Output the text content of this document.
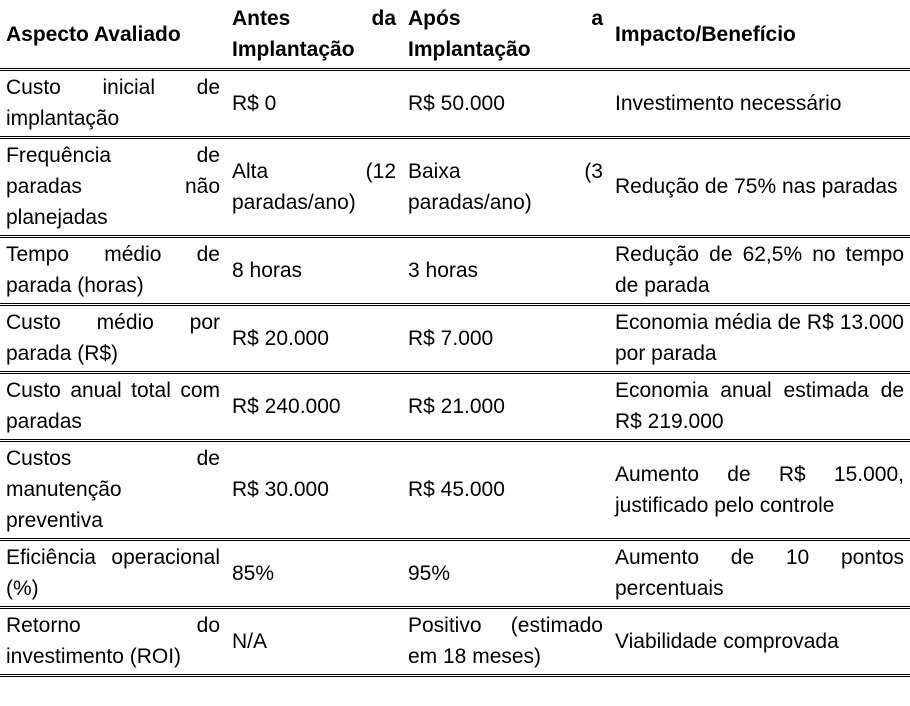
Aspecto Avaliado	Antes da Implantação	Após a Implantação	Impacto/Benefício
Custo inicial de implantação	R$ 0	R$ 50.000	Investimento necessário
Frequência de paradas não planejadas	Alta (12 paradas/ano)	Baixa (3 paradas/ano)	Redução de 75% nas paradas
Tempo médio de parada (horas)	8 horas	3 horas	Redução de 62,5% no tempo de parada
Custo médio por parada (R$)	R$ 20.000	R$ 7.000	Economia média de R$ 13.000 por parada
Custo anual total com paradas	R$ 240.000	R$ 21.000	Economia anual estimada de R$ 219.000
Custos de manutenção preventiva	R$ 30.000	R$ 45.000	Aumento de R$ 15.000, justificado pelo controle
Eficiência operacional (%)	85%	95%	Aumento de 10 pontos percentuais
Retorno do investimento (ROI)	N/A	Positivo (estimado em 18 meses)	Viabilidade comprovada
